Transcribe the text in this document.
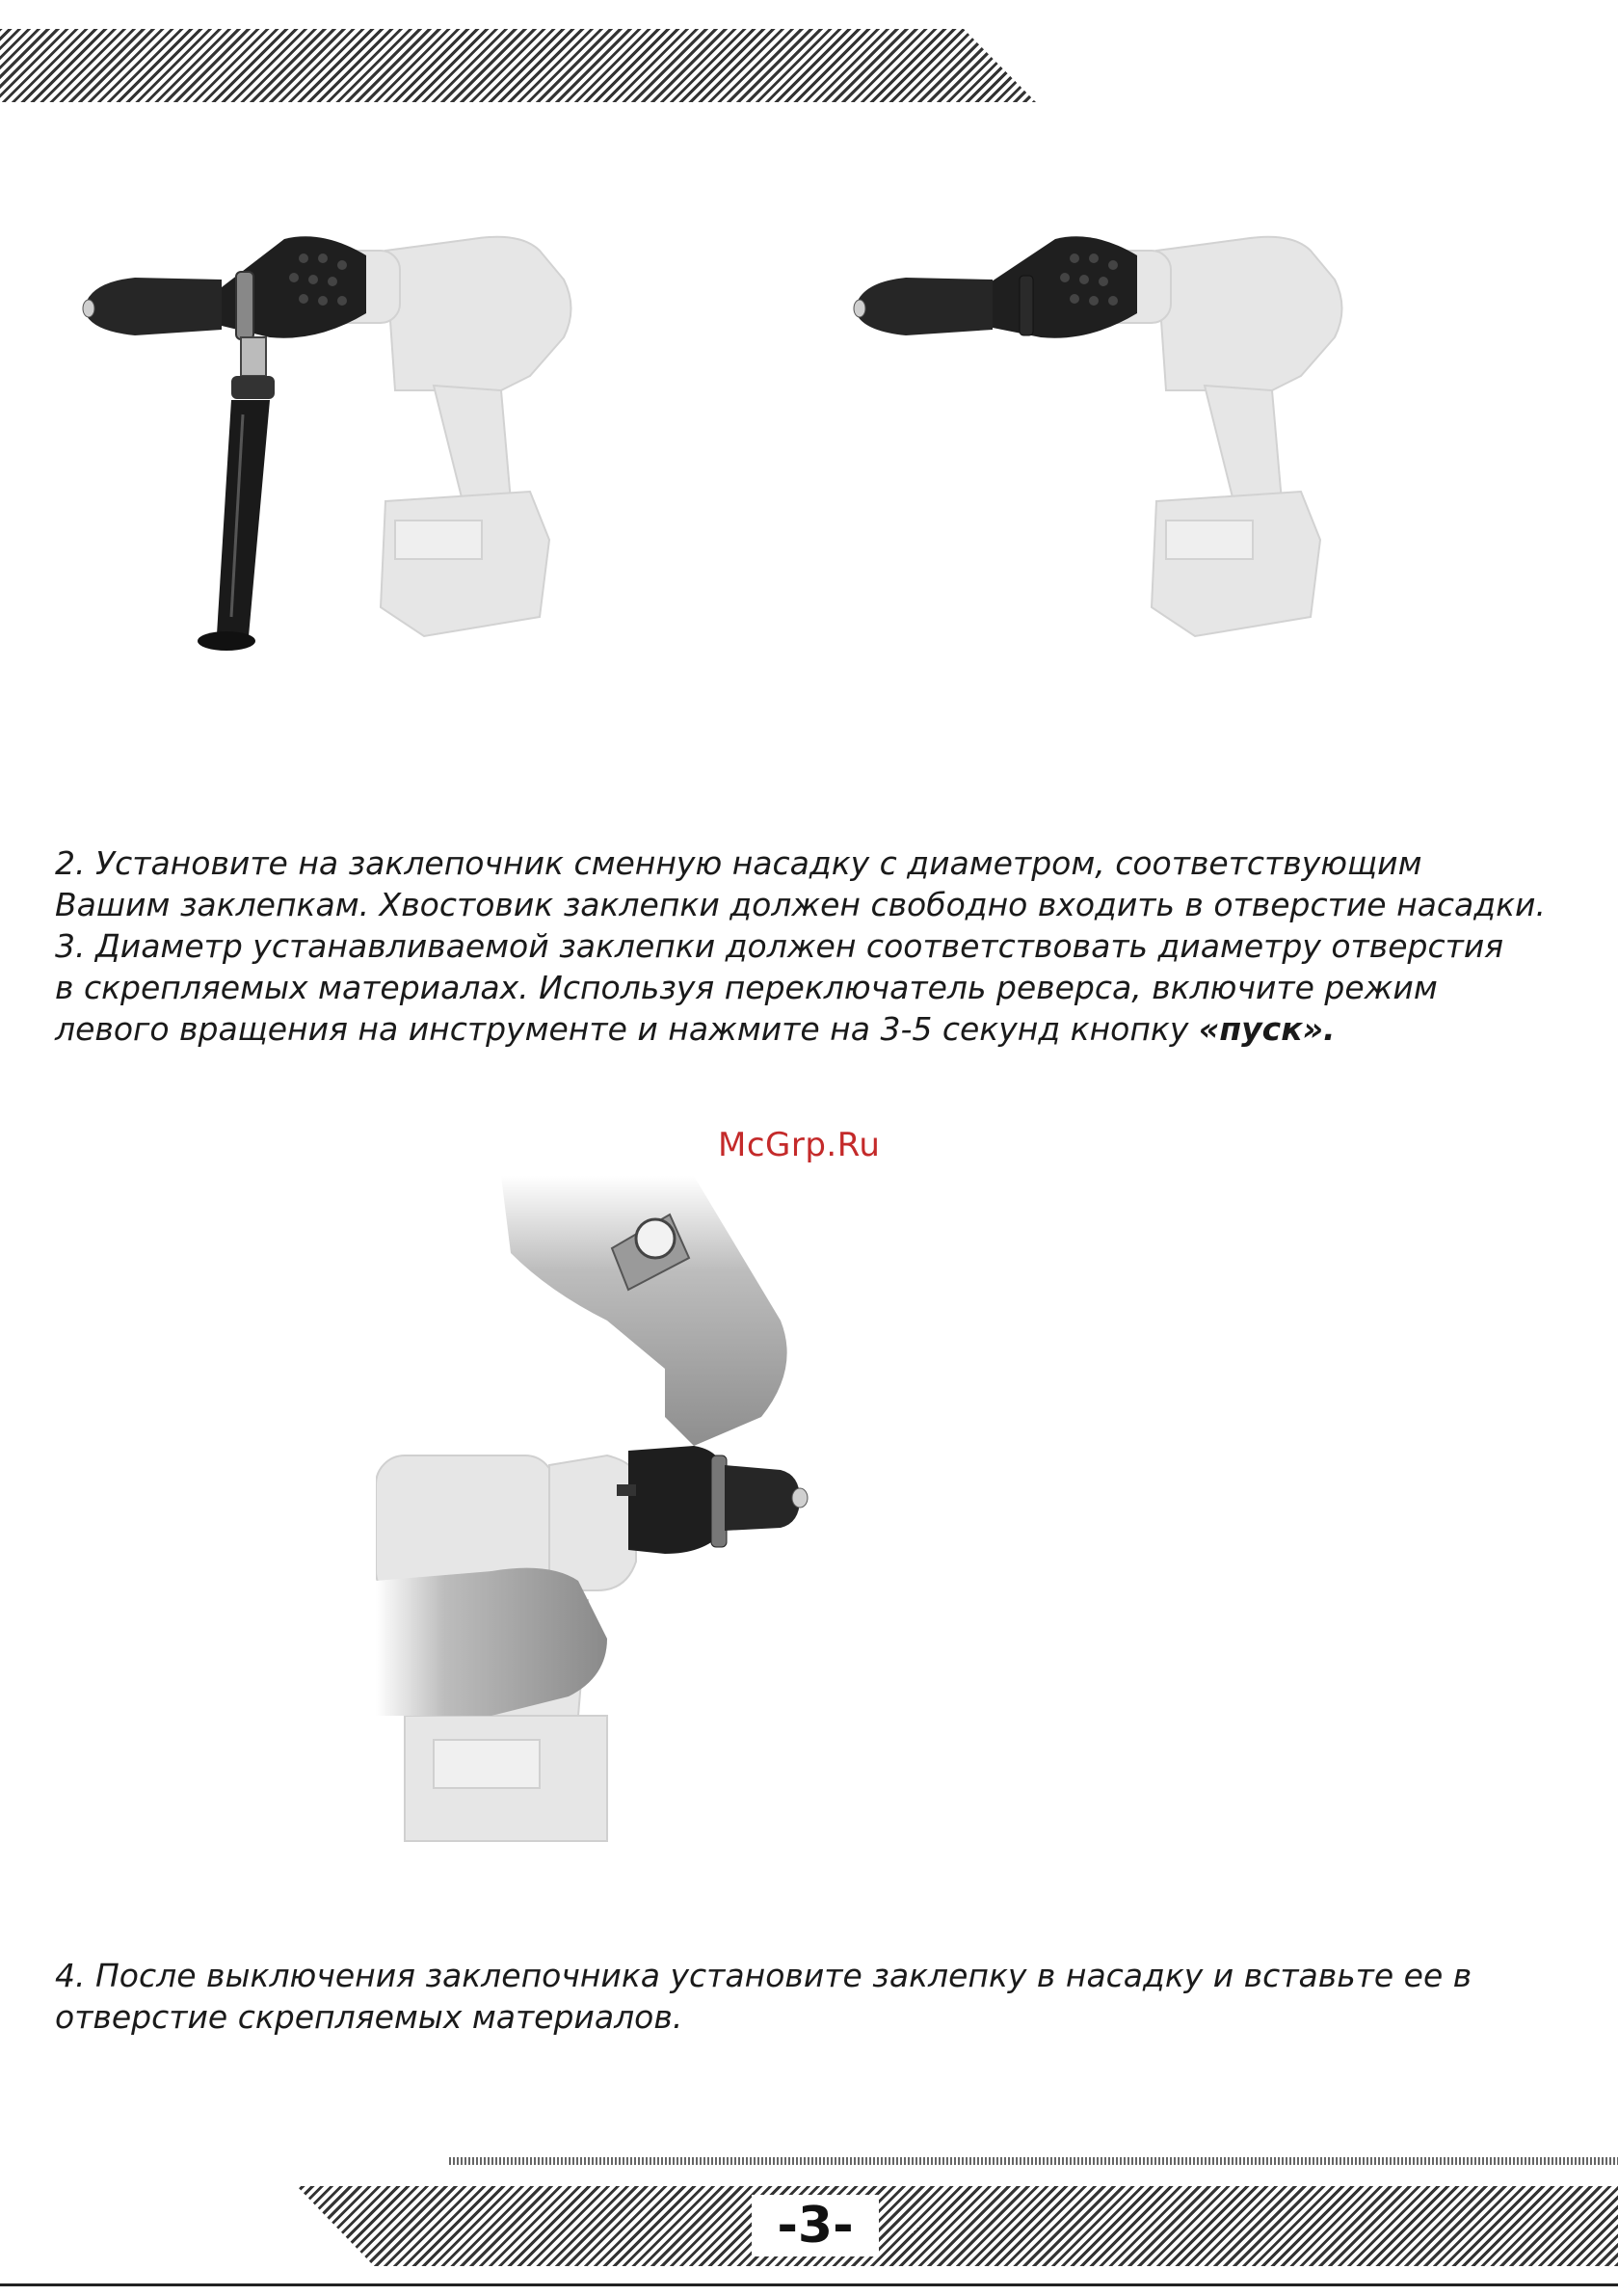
-3-
2. Установите на заклепочник сменную насадку с диаметром, соответствующим
Вашим заклепкам. Хвостовик заклепки должен свободно входить в отверстие насадки.
3. Диаметр устанавливаемой заклепки должен соответствовать диаметру отверстия
в скрепляемых материалах. Используя переключатель реверса, включите режим
левого вращения на инструменте и нажмите на 3-5 секунд кнопку «пуск».
McGrp.Ru
4. После выключения заклепочника установите заклепку в насадку и вставьте ее в
отверстие скрепляемых материалов.
